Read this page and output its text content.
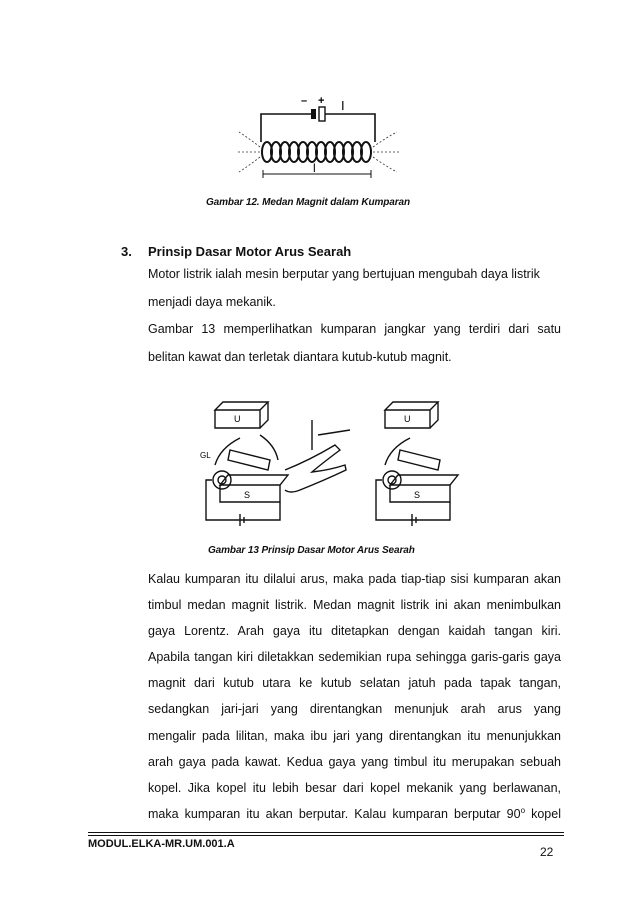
– + I
l
Gambar 12. Medan Magnit dalam Kumparan
3. Prinsip Dasar Motor Arus Searah
Motor listrik ialah mesin berputar yang bertujuan mengubah daya listrik
menjadi daya mekanik.
Gambar 13 memperlihatkan kumparan jangkar yang terdiri dari satu
belitan kawat dan terletak diantara kutub-kutub magnit.
U
S
GL
U
S
Gambar 13 Prinsip Dasar Motor Arus Searah
Kalau kumparan itu dilalui arus, maka pada tiap-tiap sisi kumparan akan
timbul medan magnit listrik. Medan magnit listrik ini akan menimbulkan
gaya Lorentz. Arah gaya itu ditetapkan dengan kaidah tangan kiri.
Apabila tangan kiri diletakkan sedemikian rupa sehingga garis-garis gaya
magnit dari kutub utara ke kutub selatan jatuh pada tapak tangan,
sedangkan jari-jari yang direntangkan menunjuk arah arus yang
mengalir pada lilitan, maka ibu jari yang direntangkan itu menunjukkan
arah gaya pada kawat. Kedua gaya yang timbul itu merupakan sebuah
kopel. Jika kopel itu lebih besar dari kopel mekanik yang berlawanan,
maka kumparan itu akan berputar. Kalau kumparan berputar 90$^o$ kopel
MODUL.ELKA-MR.UM.001.A
22
